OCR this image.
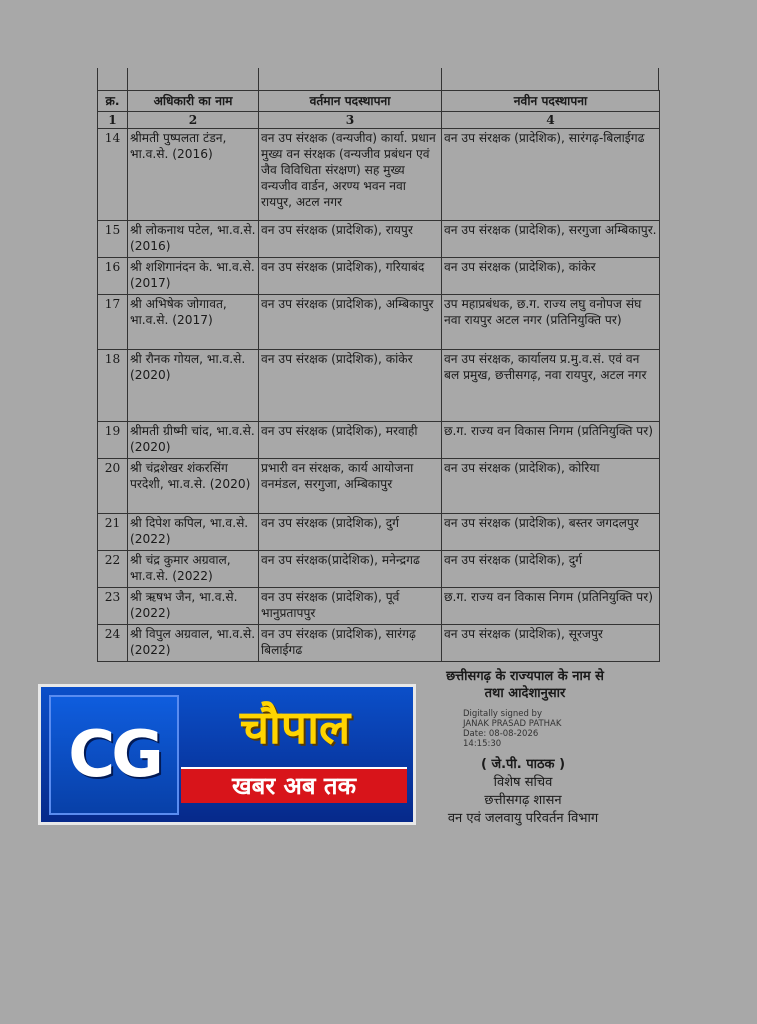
क्र.	अधिकारी का नाम	वर्तमान पदस्थापना	नवीन पदस्थापना
1	2	3	4
14	श्रीमती पुष्पलता टंडन, भा.व.से. (2016)	वन उप संरक्षक (वन्यजीव) कार्या. प्रधान मुख्य वन संरक्षक (वन्यजीव प्रबंधन एवं जैव विविधिता संरक्षण) सह मुख्य वन्यजीव वार्डन, अरण्य भवन नवा रायपुर, अटल नगर	वन उप संरक्षक (प्रादेशिक), सारंगढ़-बिलाईगढ
15	श्री लोकनाथ पटेल, भा.व.से. (2016)	वन उप संरक्षक (प्रादेशिक), रायपुर	वन उप संरक्षक (प्रादेशिक), सरगुजा अम्बिकापुर.
16	श्री शशिगानंदन के. भा.व.से. (2017)	वन उप संरक्षक (प्रादेशिक), गरियाबंद	वन उप संरक्षक (प्रादेशिक), कांकेर
17	श्री अभिषेक जोगावत, भा.व.से. (2017)	वन उप संरक्षक (प्रादेशिक), अम्बिकापुर	उप महाप्रबंधक, छ.ग. राज्य लघु वनोपज संघ नवा रायपुर अटल नगर (प्रतिनियुक्ति पर)
18	श्री रौनक गोयल, भा.व.से. (2020)	वन उप संरक्षक (प्रादेशिक), कांकेर	वन उप संरक्षक, कार्यालय प्र.मु.व.सं. एवं वन बल प्रमुख, छत्तीसगढ़, नवा रायपुर, अटल नगर
19	श्रीमती ग्रीष्मी चांद, भा.व.से. (2020)	वन उप संरक्षक (प्रादेशिक), मरवाही	छ.ग. राज्य वन विकास निगम (प्रतिनियुक्ति पर)
20	श्री चंद्रशेखर शंकरसिंग परदेशी, भा.व.से. (2020)	प्रभारी वन संरक्षक, कार्य आयोजना वनमंडल, सरगुजा, अम्बिकापुर	वन उप संरक्षक (प्रादेशिक), कोरिया
21	श्री दिपेश कपिल, भा.व.से. (2022)	वन उप संरक्षक (प्रादेशिक), दुर्ग	वन उप संरक्षक (प्रादेशिक), बस्तर जगदलपुर
22	श्री चंद्र कुमार अग्रवाल, भा.व.से. (2022)	वन उप संरक्षक(प्रादेशिक), मनेन्द्रगढ	वन उप संरक्षक (प्रादेशिक), दुर्ग
23	श्री ऋषभ जैन, भा.व.से. (2022)	वन उप संरक्षक (प्रादेशिक), पूर्व भानुप्रतापपुर	छ.ग. राज्य वन विकास निगम (प्रतिनियुक्ति पर)
24	श्री विपुल अग्रवाल, भा.व.से. (2022)	वन उप संरक्षक (प्रादेशिक), सारंगढ़ बिलाईगढ	वन उप संरक्षक (प्रादेशिक), सूरजपुर
छत्तीसगढ़ के राज्यपाल के नाम से
तथा आदेशानुसार
Digitally signed by
JANAK PRASAD PATHAK
Date: 08-08-2026
14:15:30
( जे.पी. पाठक )
विशेष सचिव
छत्तीसगढ़ शासन
वन एवं जलवायु परिवर्तन विभाग
CG	चौपाल
खबर अब तक
